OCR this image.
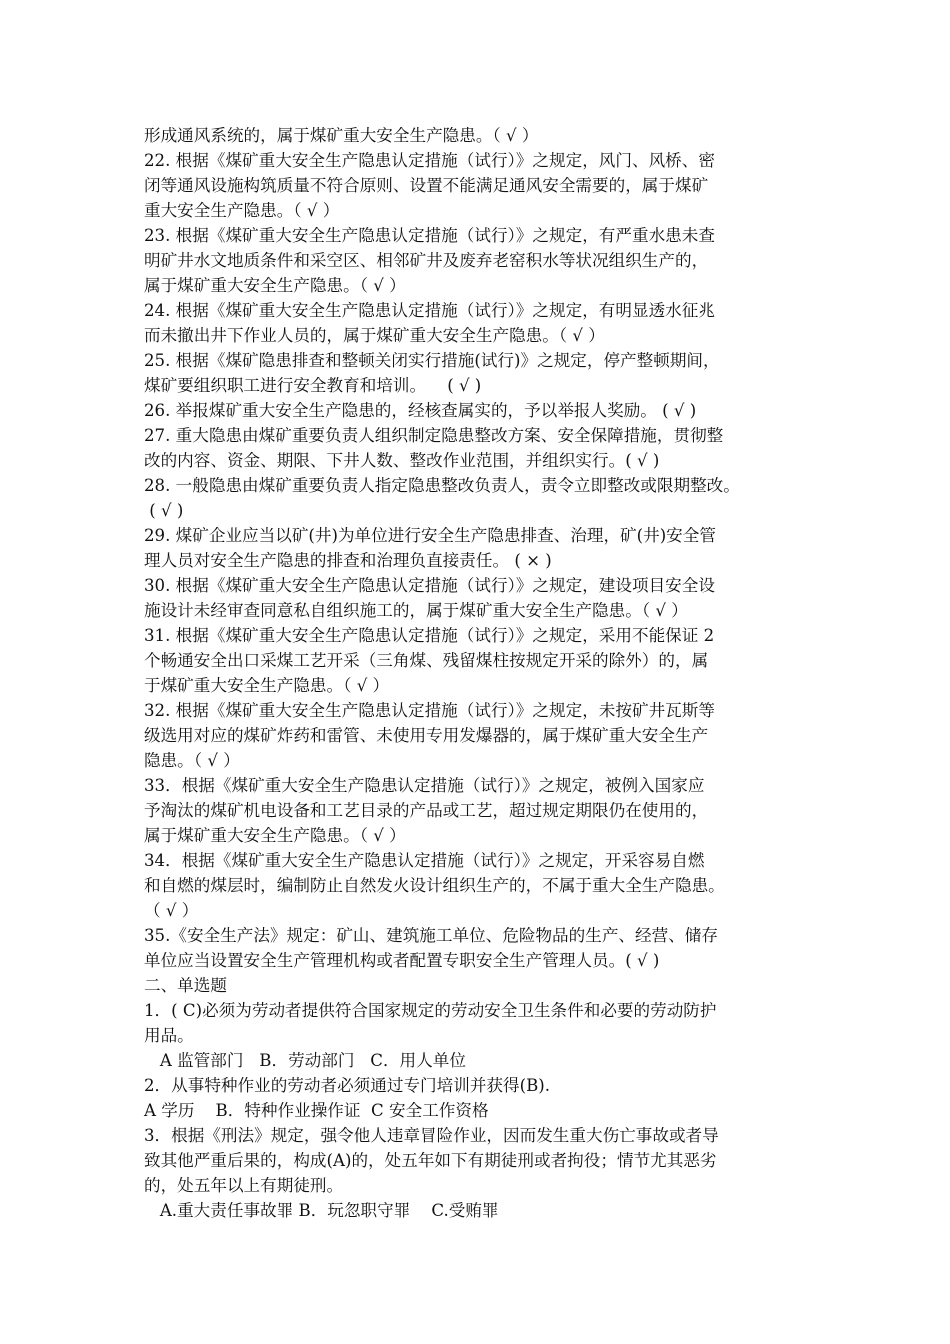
形成通风系统的，属于煤矿重大安全生产隐患。（ √ ）
22. 根据《煤矿重大安全生产隐患认定措施（试行）》之规定，风门、风桥、密
闭等通风设施构筑质量不符合原则、设置不能满足通风安全需要的，属于煤矿
重大安全生产隐患。（ √ ）
23. 根据《煤矿重大安全生产隐患认定措施（试行）》之规定，有严重水患未查
明矿井水文地质条件和采空区、相邻矿井及废弃老窑积水等状况组织生产的，
属于煤矿重大安全生产隐患。（ √ ）
24. 根据《煤矿重大安全生产隐患认定措施（试行）》之规定，有明显透水征兆
而未撤出井下作业人员的，属于煤矿重大安全生产隐患。（ √ ）
25. 根据《煤矿隐患排查和整顿关闭实行措施(试行)》之规定，停产整顿期间，
煤矿要组织职工进行安全教育和培训。    ( √ )
26. 举报煤矿重大安全生产隐患的，经核查属实的，予以举报人奖励。 ( √ )
27. 重大隐患由煤矿重要负责人组织制定隐患整改方案、安全保障措施，贯彻整
改的内容、资金、期限、下井人数、整改作业范围，并组织实行。( √ )
28. 一般隐患由煤矿重要负责人指定隐患整改负责人，责令立即整改或限期整改。
( √ )
29. 煤矿企业应当以矿(井)为单位进行安全生产隐患排查、治理，矿(井)安全管
理人员对安全生产隐患的排查和治理负直接责任。 ( × )
30. 根据《煤矿重大安全生产隐患认定措施（试行）》之规定，建设项目安全设
施设计未经审查同意私自组织施工的，属于煤矿重大安全生产隐患。（ √ ）
31. 根据《煤矿重大安全生产隐患认定措施（试行）》之规定，采用不能保证 2
个畅通安全出口采煤工艺开采（三角煤、残留煤柱按规定开采的除外）的，属
于煤矿重大安全生产隐患。（ √ ）
32. 根据《煤矿重大安全生产隐患认定措施（试行）》之规定，未按矿井瓦斯等
级选用对应的煤矿炸药和雷管、未使用专用发爆器的，属于煤矿重大安全生产
隐患。（ √ ）
33．根据《煤矿重大安全生产隐患认定措施（试行）》之规定，被例入国家应
予淘汰的煤矿机电设备和工艺目录的产品或工艺，超过规定期限仍在使用的，
属于煤矿重大安全生产隐患。（ √ ）
34．根据《煤矿重大安全生产隐患认定措施（试行）》之规定，开采容易自燃
和自燃的煤层时，编制防止自然发火设计组织生产的，不属于重大全生产隐患。
（ √ ）
35.《安全生产法》规定：矿山、建筑施工单位、危险物品的生产、经营、储存
单位应当设置安全生产管理机构或者配置专职安全生产管理人员。( √ )
二、单选题
1．( C)必须为劳动者提供符合国家规定的劳动安全卫生条件和必要的劳动防护
用品。
A 监管部门   B．劳动部门   C．用人单位
2．从事特种作业的劳动者必须通过专门培训并获得(B).
A 学历    B．特种作业操作证  C 安全工作资格
3．根据《刑法》规定，强令他人违章冒险作业，因而发生重大伤亡事故或者导
致其他严重后果的，构成(A)的，处五年如下有期徒刑或者拘役；情节尤其恶劣
的，处五年以上有期徒刑。
A.重大责任事故罪 B．玩忽职守罪    C.受贿罪
